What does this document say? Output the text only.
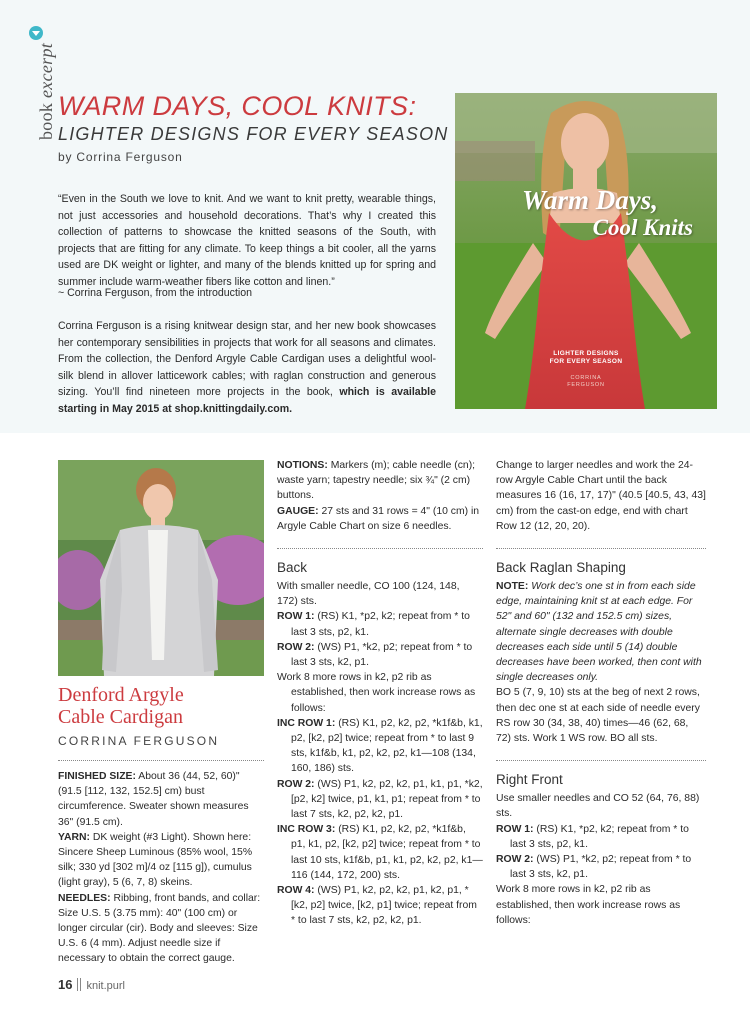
book excerpt
WARM DAYS, COOL KNITS:
LIGHTER DESIGNS FOR EVERY SEASON
by Corrina Ferguson
“Even in the South we love to knit. And we want to knit pretty, wearable things, not just accessories and household decorations. That’s why I created this collection of patterns to showcase the knitted seasons of the South, with projects that are fitting for any climate. To keep things a bit cooler, all the yarns used are DK weight or lighter, and many of the blends knitted up for spring and summer include warm-weather fibers like cotton and linen.”
~ Corrina Ferguson, from the introduction
Corrina Ferguson is a rising knitwear design star, and her new book showcases her contemporary sensibilities in projects that work for all seasons and climates. From the collection, the Denford Argyle Cable Cardigan uses a delightful wool-silk blend in allover latticework cables; with raglan construction and generous sizing. You’ll find nineteen more projects in the book, which is available starting in May 2015 at shop.knittingdaily.com.
Warm Days,
Cool Knits
LIGHTER DESIGNS
FOR EVERY SEASON
CORRINA
FERGUSON
Denford Argyle
Cable Cardigan
CORRINA FERGUSON

FINISHED SIZE: About 36 (44, 52, 60)" (91.5 [112, 132, 152.5] cm) bust circumference. Sweater shown measures 36" (91.5 cm).

YARN: DK weight (#3 Light). Shown here: Sincere Sheep Luminous (85% wool, 15% silk; 330 yd [302 m]/4 oz [115 g]), cumulus (light gray), 5 (6, 7, 8) skeins.

NEEDLES: Ribbing, front bands, and collar: Size U.S. 5 (3.75 mm): 40" (100 cm) or longer circular (cir). Body and sleeves: Size U.S. 6 (4 mm). Adjust needle size if necessary to obtain the correct gauge.

NOTIONS: Markers (m); cable needle (cn); waste yarn; tapestry needle; six ¾" (2 cm) buttons.

GAUGE: 27 sts and 31 rows = 4" (10 cm) in Argyle Cable Chart on size 6 needles.

Back

With smaller needle, CO 100 (124, 148, 172) sts.

ROW 1: (RS) K1, *p2, k2; repeat from * to last 3 sts, p2, k1.

ROW 2: (WS) P1, *k2, p2; repeat from * to last 3 sts, k2, p1.

Work 8 more rows in k2, p2 rib as established, then work increase rows as follows:

INC ROW 1: (RS) K1, p2, k2, p2, *k1f&b, k1, p2, [k2, p2] twice; repeat from * to last 9 sts, k1f&b, k1, p2, k2, p2, k1—108 (134, 160, 186) sts.

ROW 2: (WS) P1, k2, p2, k2, p1, k1, p1, *k2, [p2, k2] twice, p1, k1, p1; repeat from * to last 7 sts, k2, p2, k2, p1.

INC ROW 3: (RS) K1, p2, k2, p2, *k1f&b, p1, k1, p2, [k2, p2] twice; repeat from * to last 10 sts, k1f&b, p1, k1, p2, k2, p2, k1—116 (144, 172, 200) sts.

ROW 4: (WS) P1, k2, p2, k2, p1, k2, p1, *[k2, p2] twice, [k2, p1] twice; repeat from * to last 7 sts, k2, p2, k2, p1.

Change to larger needles and work the 24-row Argyle Cable Chart until the back measures 16 (16, 17, 17)" (40.5 [40.5, 43, 43] cm) from the cast-on edge, end with chart Row 12 (12, 20, 20).

Back Raglan Shaping

NOTE: Work dec’s one st in from each side edge, maintaining knit st at each edge. For 52" and 60" (132 and 152.5 cm) sizes, alternate single decreases with double decreases each side until 5 (14) double decreases have been worked, then cont with single decreases only.

BO 5 (7, 9, 10) sts at the beg of next 2 rows, then dec one st at each side of needle every RS row 30 (34, 38, 40) times—46 (62, 68, 72) sts. Work 1 WS row. BO all sts.

Right Front

Use smaller needles and CO 52 (64, 76, 88) sts.

ROW 1: (RS) K1, *p2, k2; repeat from * to last 3 sts, p2, k1.

ROW 2: (WS) P1, *k2, p2; repeat from * to last 3 sts, k2, p1.

Work 8 more rows in k2, p2 rib as established, then work increase rows as follows:

16 knit.purl
